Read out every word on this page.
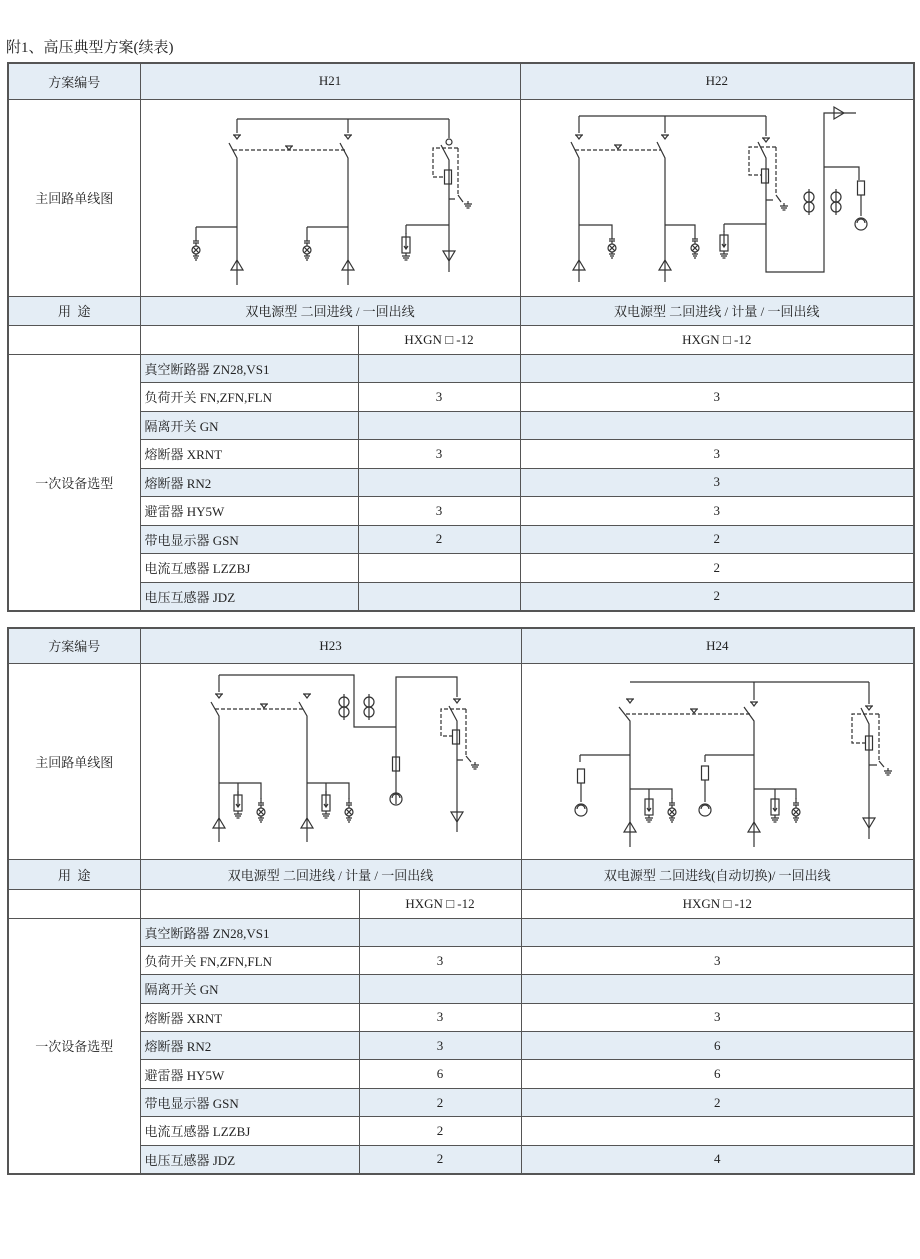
附1、高压典型方案(续表)
方案编号	H21		H22
主回路单线图	

用  途	双电源型 二回进线 / 一回出线		双电源型 二回进线 / 计量 / 一回出线
		HXGN □ -12	HXGN □ -12
一次设备选型	真空断路器 ZN28,VS1		
	负荷开关 FN,ZFN,FLN	3	3
	隔离开关 GN		
	熔断器 XRNT	3	3
	熔断器 RN2		3
	避雷器 HY5W	3	3
	带电显示器 GSN	2	2
	电流互感器 LZZBJ		2
	电压互感器 JDZ		2
方案编号	H23		H24
主回路单线图	

用  途	双电源型 二回进线 / 计量 / 一回出线		双电源型 二回进线(自动切换)/ 一回出线
		HXGN □ -12	HXGN □ -12
一次设备选型	真空断路器 ZN28,VS1		
	负荷开关 FN,ZFN,FLN	3	3
	隔离开关 GN		
	熔断器 XRNT	3	3
	熔断器 RN2	3	6
	避雷器 HY5W	6	6
	带电显示器 GSN	2	2
	电流互感器 LZZBJ	2	
	电压互感器 JDZ	2	4
